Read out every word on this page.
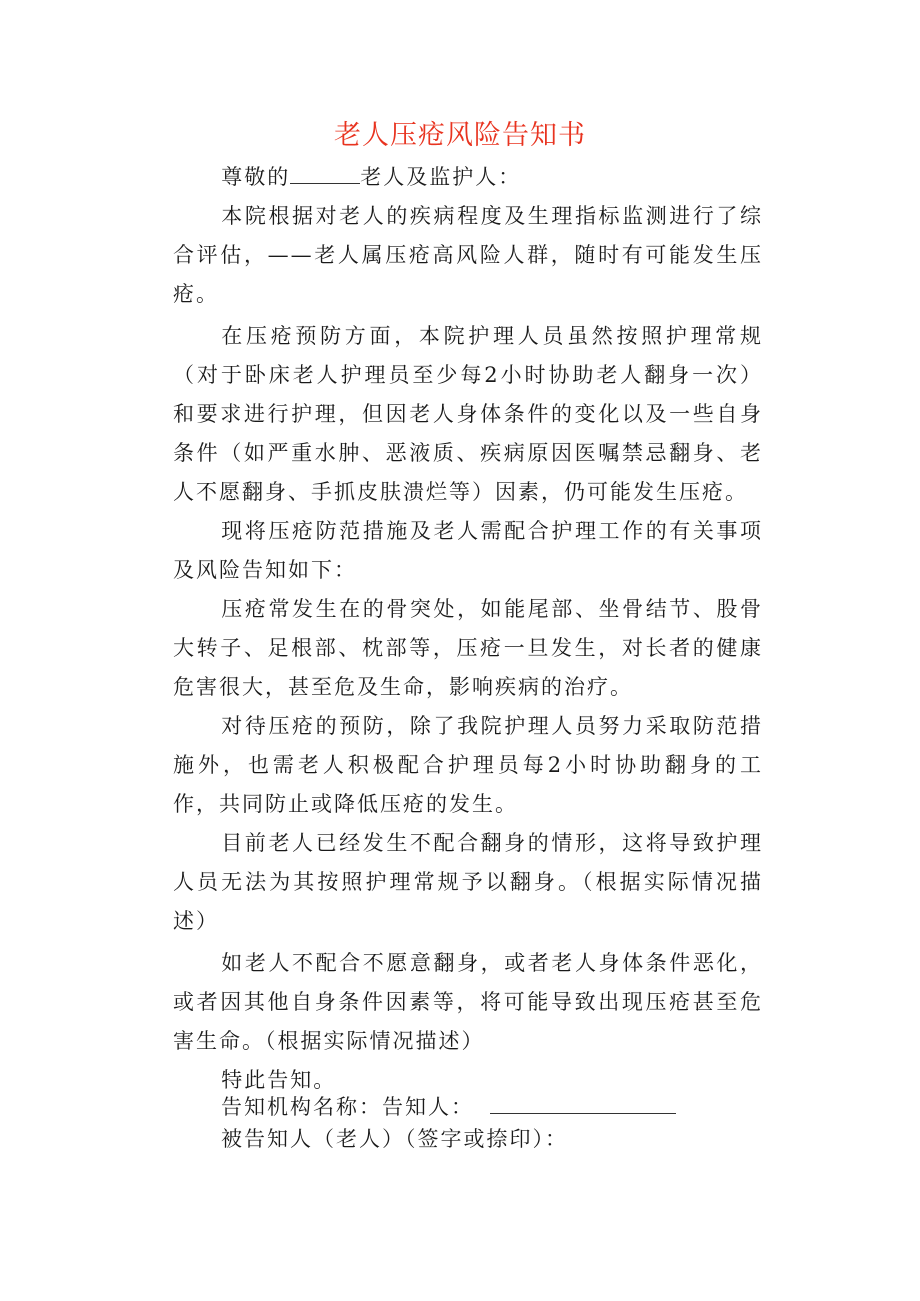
老人压疮风险告知书

尊敬的	老人及监护人：

本院根据对老人的疾病程度及生理指标监测进行了综合评估，——老人属压疮高风险人群，随时有可能发生压疮。

在压疮预防方面，本院护理人员虽然按照护理常规（对于卧床老人护理员至少每2小时协助老人翻身一次）和要求进行护理，但因老人身体条件的变化以及一些自身条件（如严重水肿、恶液质、疾病原因医嘱禁忌翻身、老人不愿翻身、手抓皮肤溃烂等）因素，仍可能发生压疮。

现将压疮防范措施及老人需配合护理工作的有关事项及风险告知如下：

压疮常发生在的骨突处，如能尾部、坐骨结节、股骨大转子、足根部、枕部等，压疮一旦发生，对长者的健康危害很大，甚至危及生命，影响疾病的治疗。

对待压疮的预防，除了我院护理人员努力采取防范措施外，也需老人积极配合护理员每2小时协助翻身的工作，共同防止或降低压疮的发生。

目前老人已经发生不配合翻身的情形，这将导致护理人员无法为其按照护理常规予以翻身。（根据实际情况描述）

如老人不配合不愿意翻身，或者老人身体条件恶化，或者因其他自身条件因素等，将可能导致出现压疮甚至危害生命。（根据实际情况描述）

特此告知。

告知机构名称：告知人：
被告知人（老人）（签字或捺印）：
